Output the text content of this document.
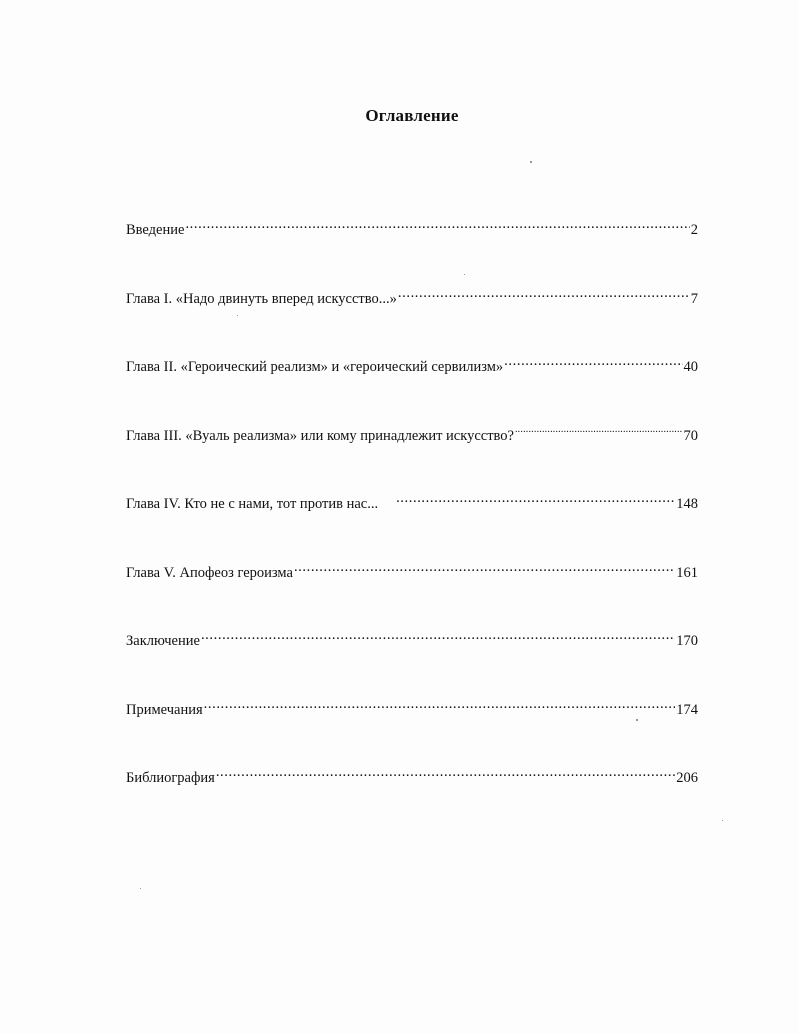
Оглавление
Введение .....	2
Глава I. «Надо двинуть вперед искусство...» .....	7
Глава II. «Героический реализм» и «героический сервилизм» .....	40
Глава III. «Вуаль реализма» или кому принадлежит искусство? .....	70
Глава IV. Кто не с нами, тот против нас... .....	148
Глава V. Апофеоз героизма .....	161
Заключение .....	170
Примечания .....	174
Библиография .....	206
